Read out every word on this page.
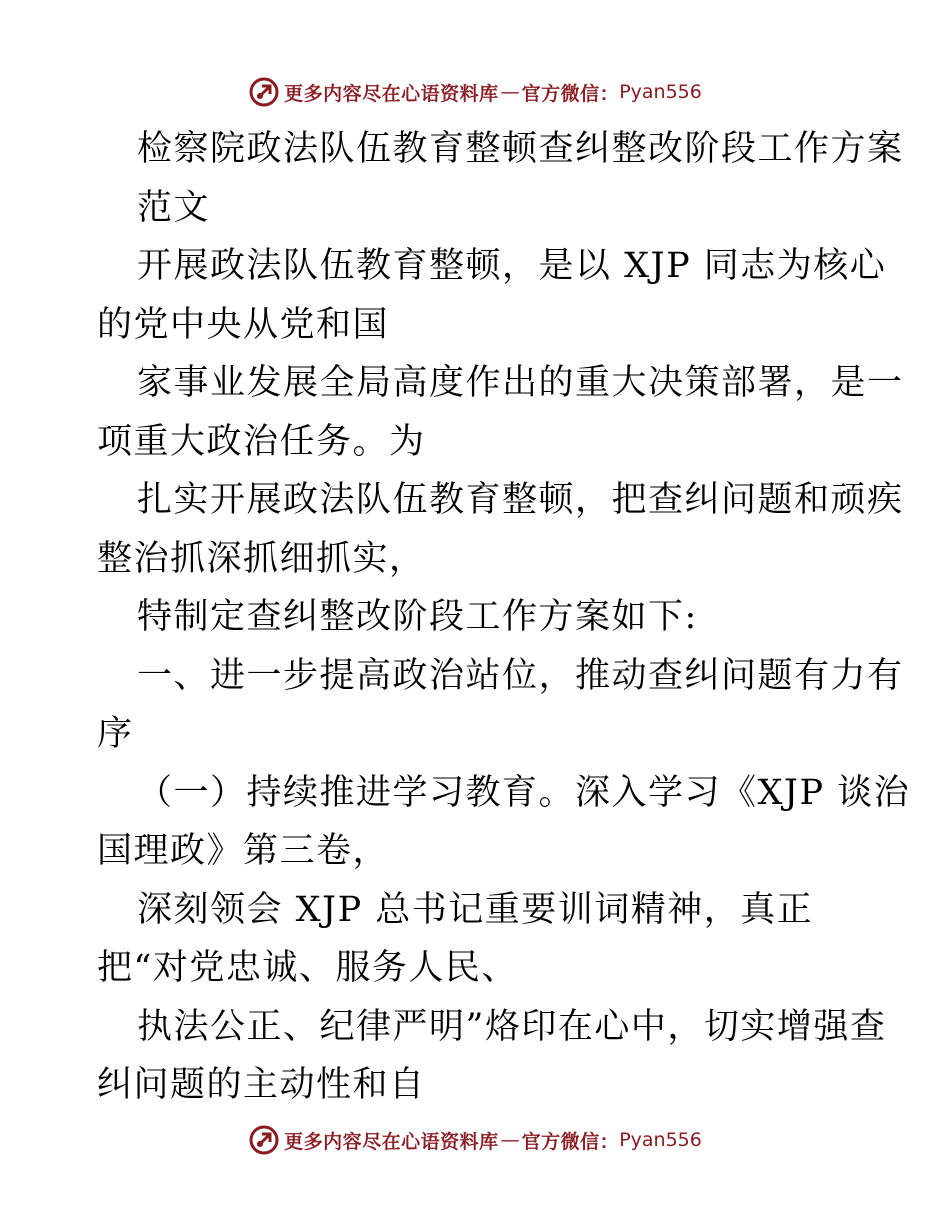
更多内容尽在心语资料库 — 官方微信： Pyan556
检察院政法队伍教育整顿查纠整改阶段工作方案
范文
开展政法队伍教育整顿，是以 XJP 同志为核心
的党中央从党和国
家事业发展全局高度作出的重大决策部署，是一
项重大政治任务。为
扎实开展政法队伍教育整顿，把查纠问题和顽疾
整治抓深抓细抓实，
特制定查纠整改阶段工作方案如下:
一、进一步提高政治站位，推动查纠问题有力有
序
（一）持续推进学习教育。深入学习《XJP 谈治
国理政》第三卷，
深刻领会 XJP 总书记重要训词精神，真正
把“对党忠诚、服务人民、
执法公正、纪律严明”烙印在心中，切实增强查
纠问题的主动性和自
更多内容尽在心语资料库 — 官方微信： Pyan556
